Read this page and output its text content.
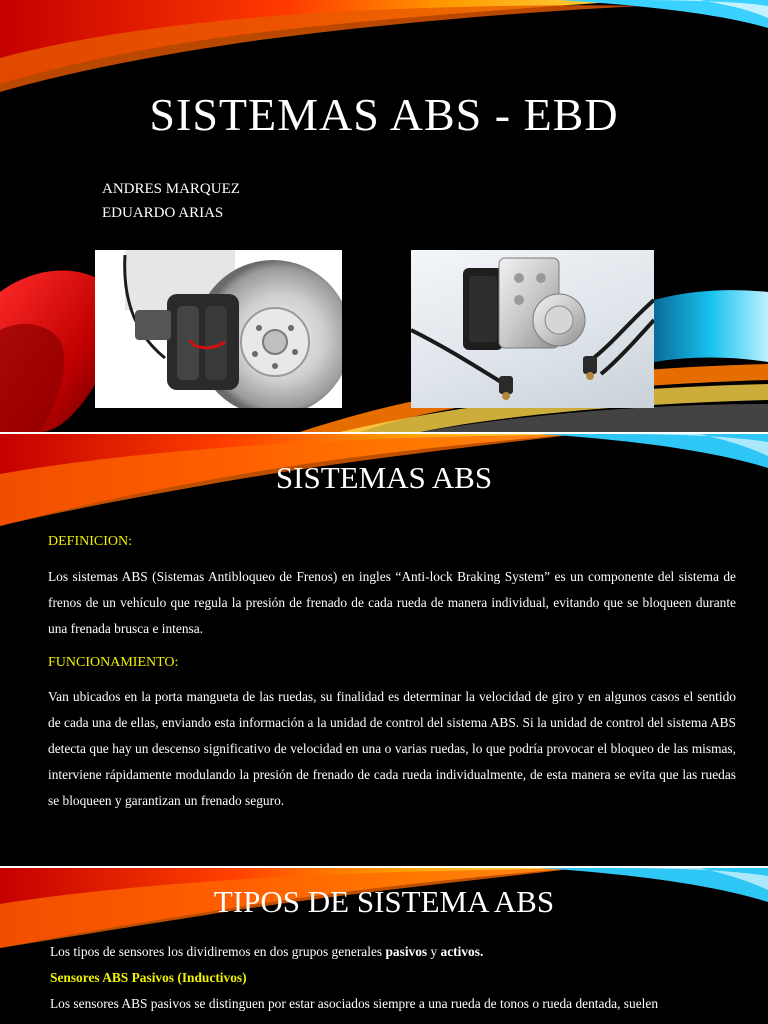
SISTEMAS ABS - EBD
ANDRES MARQUEZ
EDUARDO ARIAS
SISTEMAS ABS
DEFINICION:
Los sistemas ABS (Sistemas Antibloqueo de Frenos) en ingles “Anti-lock Braking System” es un componente del sistema de frenos de un vehículo que regula la presión de frenado de cada rueda de manera individual, evitando que se bloqueen durante una frenada brusca e intensa.
FUNCIONAMIENTO:
Van ubicados en la porta mangueta de las ruedas, su finalidad es determinar la velocidad de giro y en algunos casos el sentido de cada una de ellas, enviando esta información a la unidad de control del sistema ABS. Si la unidad de control del sistema ABS detecta que hay un descenso significativo de velocidad en una o varias ruedas, lo que podría provocar el bloqueo de las mismas, interviene rápidamente modulando la presión de frenado de cada rueda individualmente, de esta manera se evita que las ruedas se bloqueen y garantizan un frenado seguro.
TIPOS DE SISTEMA ABS
Los tipos de sensores los dividiremos en dos grupos generales pasivos y activos.
Sensores ABS Pasivos (Inductivos)
Los sensores ABS pasivos se distinguen por estar asociados siempre a una rueda de tonos o rueda dentada, suelen
